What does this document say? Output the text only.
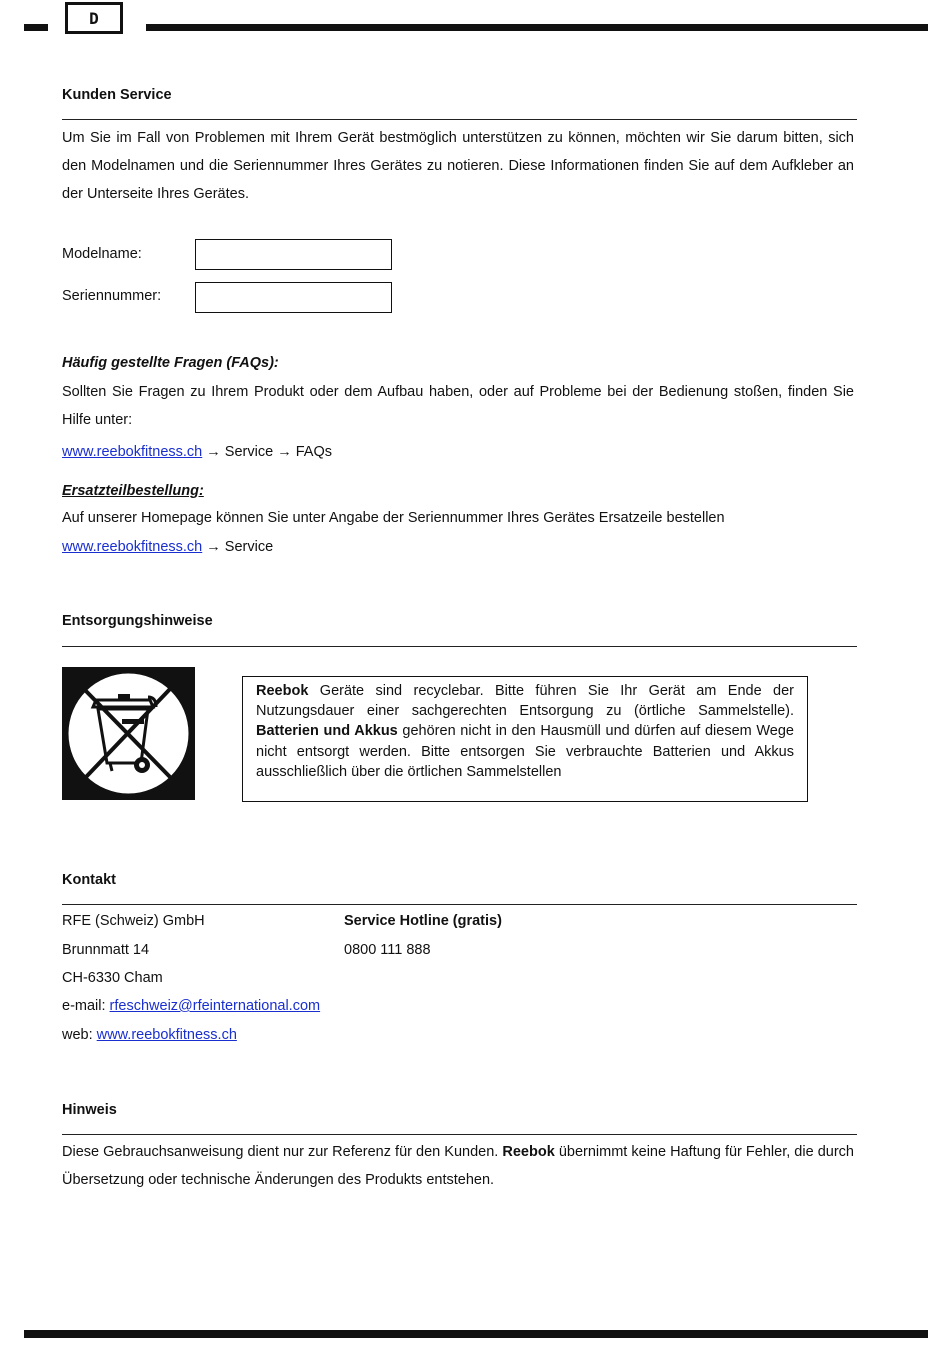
D
Kunden Service
Um Sie im Fall von Problemen mit Ihrem Gerät bestmöglich unterstützen zu können, möchten wir Sie darum bitten, sich den Modelnamen und die Seriennummer Ihres Gerätes zu notieren. Diese Informationen finden Sie auf dem Aufkleber an der Unterseite Ihres Gerätes.
Modelname:
Seriennummer:
Häufig gestellte Fragen (FAQs):
Sollten Sie Fragen zu Ihrem Produkt oder dem Aufbau haben, oder auf Probleme bei der Bedienung stoßen, finden Sie Hilfe unter:
www.reebokfitness.ch → Service → FAQs
Ersatzteilbestellung:
Auf unserer Homepage können Sie unter Angabe der Seriennummer Ihres Gerätes Ersatzeile bestellen
www.reebokfitness.ch → Service
Entsorgungshinweise
Reebok Geräte sind recyclebar. Bitte führen Sie Ihr Gerät am Ende der Nutzungsdauer einer sachgerechten Entsorgung zu (örtliche Sammelstelle). Batterien und Akkus gehören nicht in den Hausmüll und dürfen auf diesem Wege nicht entsorgt werden. Bitte entsorgen Sie verbrauchte Batterien und Akkus ausschließlich über die örtlichen Sammelstellen
Kontakt
RFE (Schweiz) GmbH
Brunnmatt 14
CH-6330 Cham
e-mail: rfeschweiz@rfeinternational.com
web: www.reebokfitness.ch
Service Hotline (gratis)
0800 111 888
Hinweis
Diese Gebrauchsanweisung dient nur zur Referenz für den Kunden. Reebok übernimmt keine Haftung für Fehler, die durch Übersetzung oder technische Änderungen des Produkts entstehen.
